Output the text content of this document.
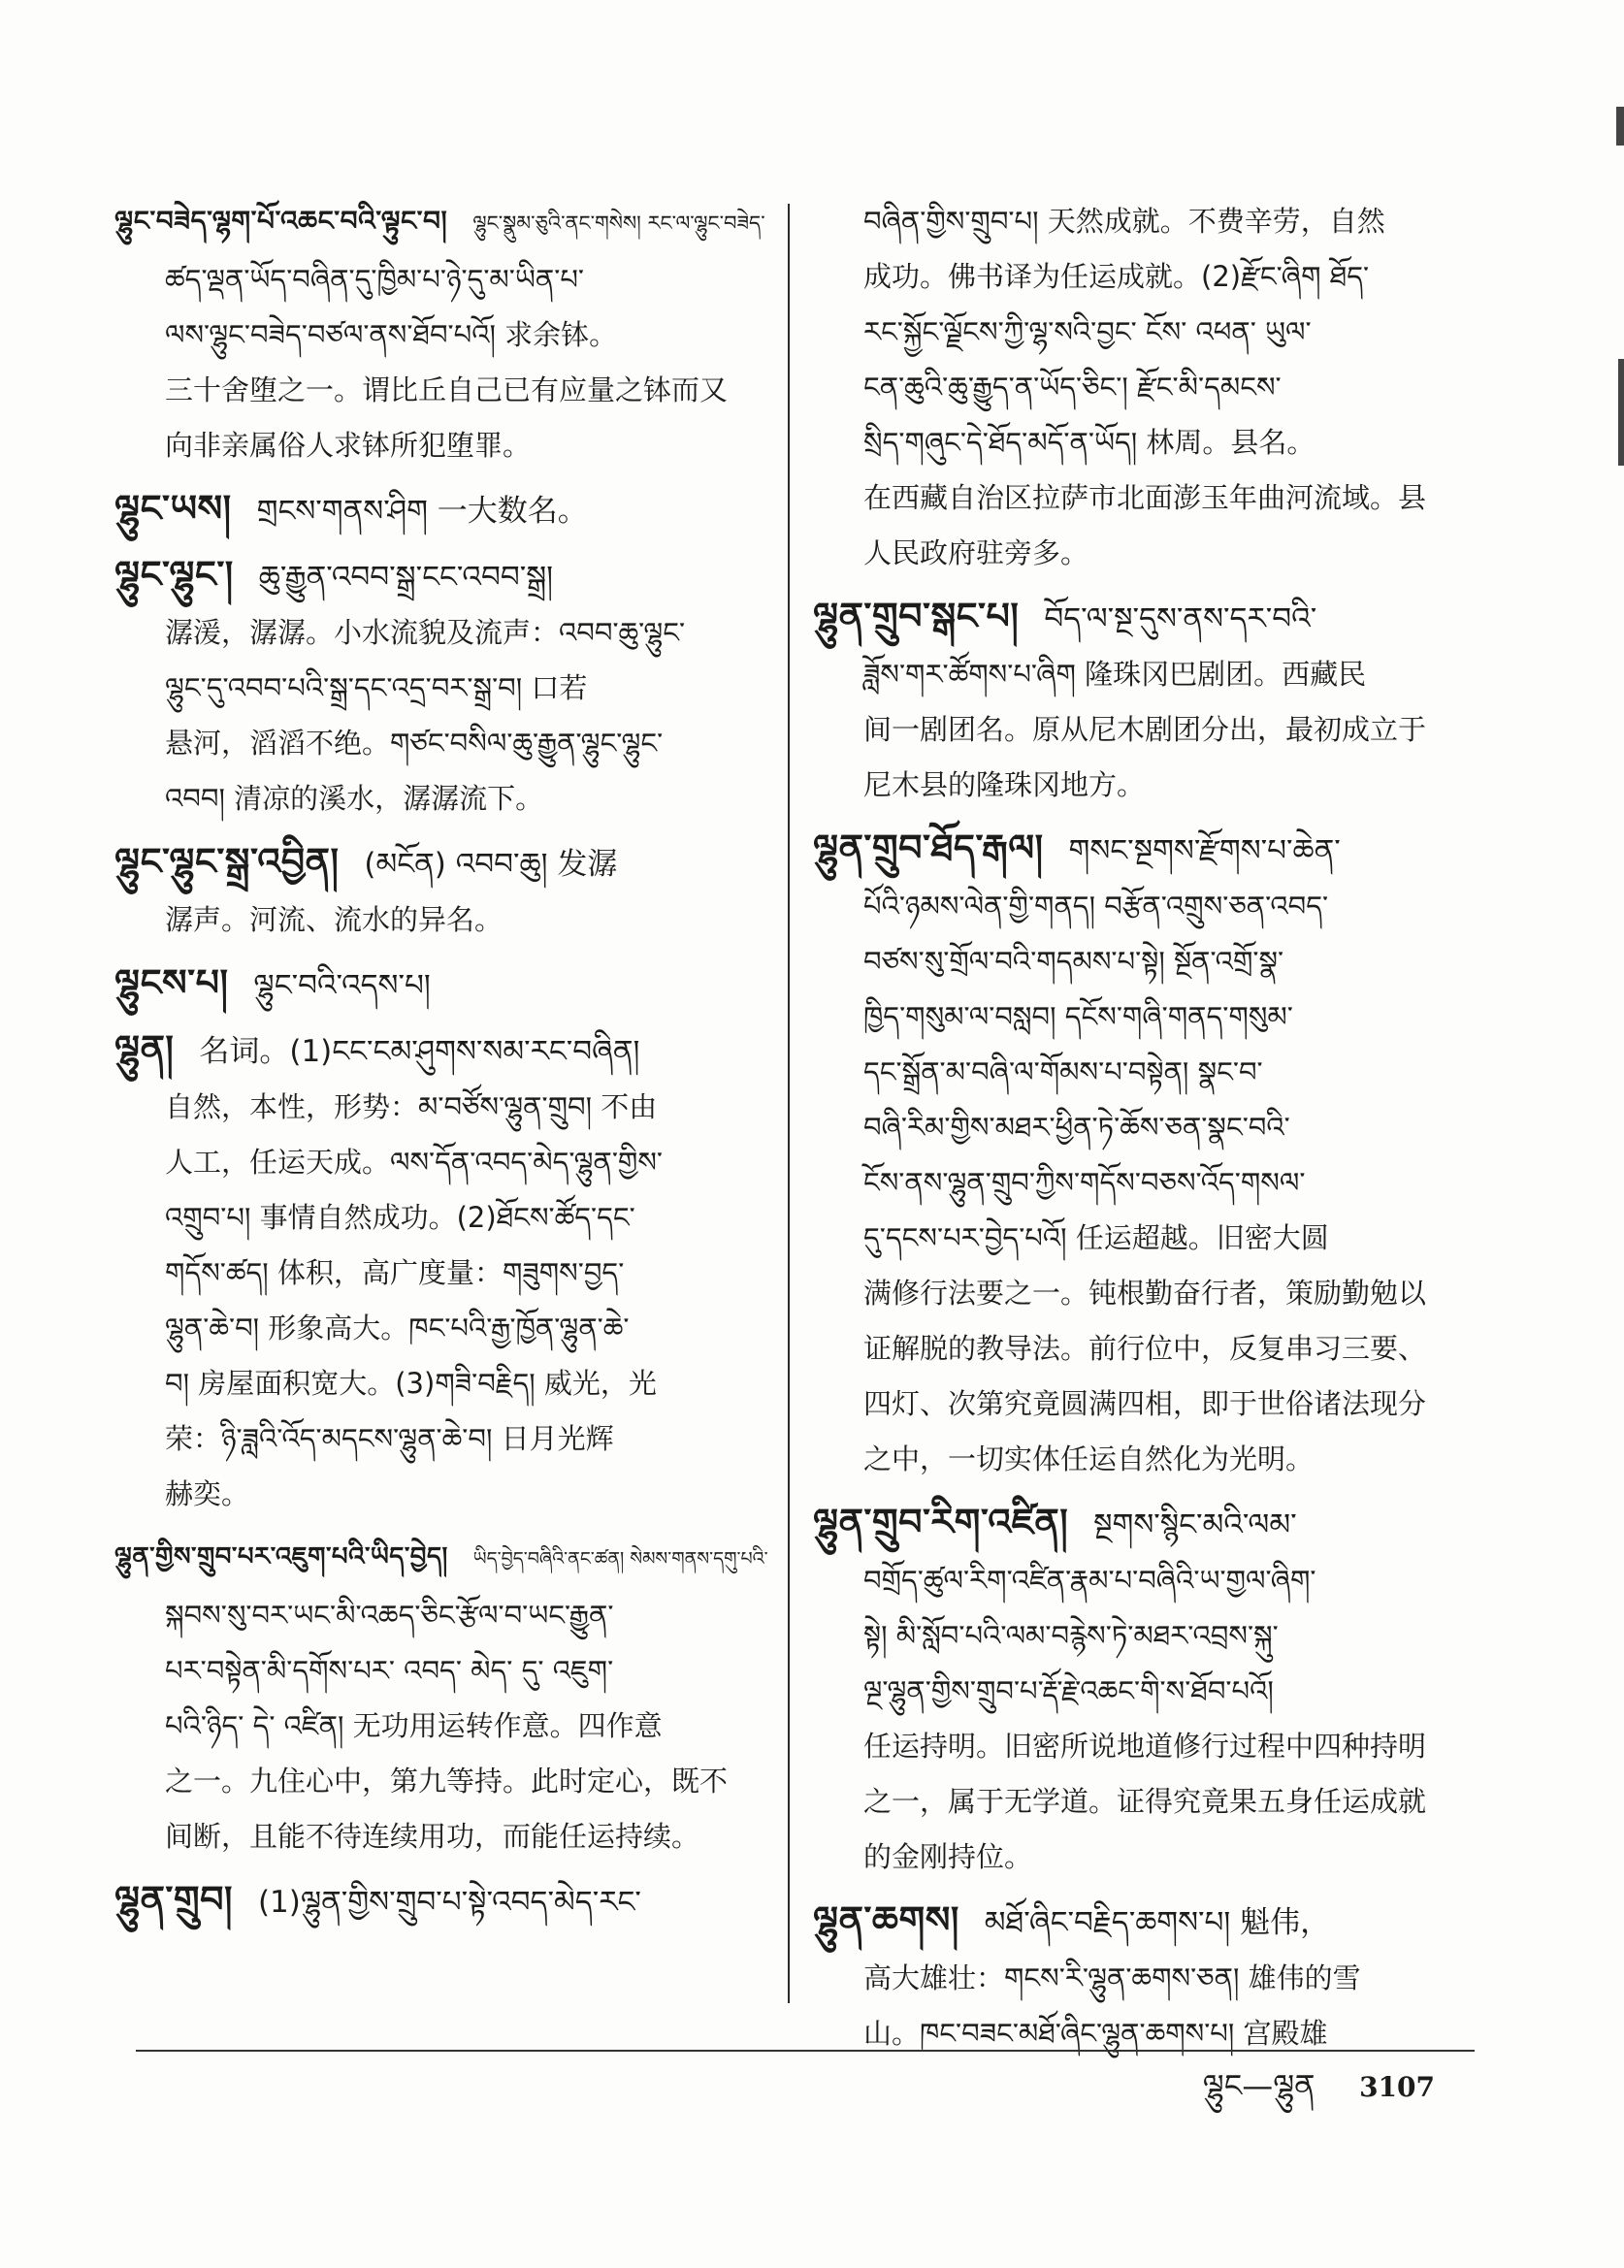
ལྷུང་བཟེད་ལྷག་པོ་འཆང་བའི་ལྟུང་བ། ལྷུང་སྣུམ་ཅུའི་ནང་གསེས། རང་ལ་ལྷུང་བཟེད་
ཚད་ལྡན་ཡོད་བཞིན་དུ་ཁྱིམ་པ་ཉེ་དུ་མ་ཡིན་པ་
ལས་ལྷུང་བཟེད་བཙལ་ནས་ཐོབ་པའོ། 求余钵。
三十舍堕之一。谓比丘自己已有应量之钵而又
向非亲属俗人求钵所犯堕罪。
ལྷུང་ཡས། གྲངས་གནས་ཤིག 一大数名。
ལྷུང་ལྷུང་། ཆུ་རྒྱུན་འབབ་སྒྲ་ངང་འབབ་སྒྲ།
潺湲，潺潺。小水流貌及流声：འབབ་ཆུ་ལྷུང་
ལྷུང་དུ་འབབ་པའི་སྒྲ་དང་འདྲ་བར་སྒྲ་བ། 口若
悬河，滔滔不绝。གཙང་བསིལ་ཆུ་རྒྱུན་ལྷུང་ལྷུང་
འབབ། 清凉的溪水，潺潺流下。
ལྷུང་ལྷུང་སྒྲ་འབྱིན། (མངོན) འབབ་ཆུ། 发潺
潺声。河流、流水的异名。
ལྷུངས་པ། ལྷུང་བའི་འདས་པ།
ལྷུན། 名词。(1)ངང་ངམ་ཤུགས་སམ་རང་བཞིན།
自然，本性，形势：མ་བཙོས་ལྷུན་གྲུབ། 不由
人工，任运天成。ལས་དོན་འབད་མེད་ལྷུན་གྱིས་
འགྲུབ་པ། 事情自然成功。(2)ཐོངས་ཚོད་དང་
གདོས་ཚད། 体积，高广度量：གཟུགས་བྱད་
ལྷུན་ཆེ་བ། 形象高大。ཁང་པའི་རྒྱ་ཁྱོན་ལྷུན་ཆེ་
བ། 房屋面积宽大。(3)གཟི་བརྗིད། 威光，光
荣：ཉི་ཟླའི་འོད་མདངས་ལྷུན་ཆེ་བ། 日月光辉
赫奕。
ལྷུན་གྱིས་གྲུབ་པར་འཇུག་པའི་ཡིད་བྱེད། ཡིད་བྱེད་བཞིའི་ནང་ཚན། སེམས་གནས་དགུ་པའི་
སྐབས་སུ་བར་ཡང་མི་འཆད་ཅིང་རྩོལ་བ་ཡང་རྒྱུན་
པར་བསྟེན་མི་དགོས་པར་ འབད་ མེད་ དུ་ འཇུག་
པའི་ཉིད་ དེ་ འཛིན། 无功用运转作意。四作意
之一。九住心中，第九等持。此时定心，既不
间断，且能不待连续用功，而能任运持续。
ལྷུན་གྲུབ། (1)ལྷུན་གྱིས་གྲུབ་པ་སྟེ་འབད་མེད་རང་
བཞིན་གྱིས་གྲུབ་པ། 天然成就。不费辛劳，自然
成功。佛书译为任运成就。(2)རྫོང་ཞིག ཐོད་
རང་སྐྱོང་ལྗོངས་ཀྱི་ལྷ་སའི་བྱང་ ངོས་ འཕན་ ཡུལ་
ངན་ཆུའི་ཆུ་རྒྱུད་ན་ཡོད་ཅིང་། རྫོང་མི་དམངས་
སྲིད་གཞུང་དེ་ཐོད་མདོ་ན་ཡོད། 林周。县名。
在西藏自治区拉萨市北面澎玉年曲河流域。县
人民政府驻旁多。
ལྷུན་གྲུབ་སྒང་པ། བོད་ལ་སྔ་དུས་ནས་དར་བའི་
ཟློས་གར་ཚོགས་པ་ཞིག 隆珠冈巴剧团。西藏民
间一剧团名。原从尼木剧团分出，最初成立于
尼木县的隆珠冈地方。
ལྷུན་གྲུབ་ཐོད་རྒལ། གསང་སྔགས་རྫོགས་པ་ཆེན་
པོའི་ཉམས་ལེན་གྱི་གནད། བརྩོན་འགྲུས་ཅན་འབད་
བཙས་སུ་གྲོལ་བའི་གདམས་པ་སྟེ། སྔོན་འགྲོ་སྣ་
ཁྱིད་གསུམ་ལ་བསླབ། དངོས་གཞི་གནད་གསུམ་
དང་སྒྲོན་མ་བཞི་ལ་གོམས་པ་བསྟེན། སྣང་བ་
བཞི་རིམ་གྱིས་མཐར་ཕྱིན་ཏེ་ཆོས་ཅན་སྣང་བའི་
ངོས་ནས་ལྷུན་གྲུབ་ཀྱིས་གདོས་བཅས་འོད་གསལ་
དུ་དངས་པར་བྱེད་པའོ། 任运超越。旧密大圆
满修行法要之一。钝根勤奋行者，策励勤勉以
证解脱的教导法。前行位中，反复串习三要、
四灯、次第究竟圆满四相，即于世俗诸法现分
之中，一切实体任运自然化为光明。
ལྷུན་གྲུབ་རིག་འཛིན། སྔགས་སྙིང་མའི་ལམ་
བགྲོད་ཚུལ་རིག་འཛིན་རྣམ་པ་བཞིའི་ཡ་གྱལ་ཞིག་
སྟེ། མི་སློབ་པའི་ལམ་བརྙེས་ཏེ་མཐར་འབྲས་སྐུ་
ལྔ་ལྷུན་གྱིས་གྲུབ་པ་རྡོ་རྗེ་འཆང་གི་ས་ཐོབ་པའོ།
任运持明。旧密所说地道修行过程中四种持明
之一，属于无学道。证得究竟果五身任运成就
的金刚持位。
ལྷུན་ཆགས། མཐོ་ཞིང་བརྗིད་ཆགས་པ། 魁伟，
高大雄壮：གངས་རི་ལྷུན་ཆགས་ཅན། 雄伟的雪
山。ཁང་བཟང་མཐོ་ཞིང་ལྷུན་ཆགས་པ། 宫殿雄
ལྷུང—ལྷུན 3107
